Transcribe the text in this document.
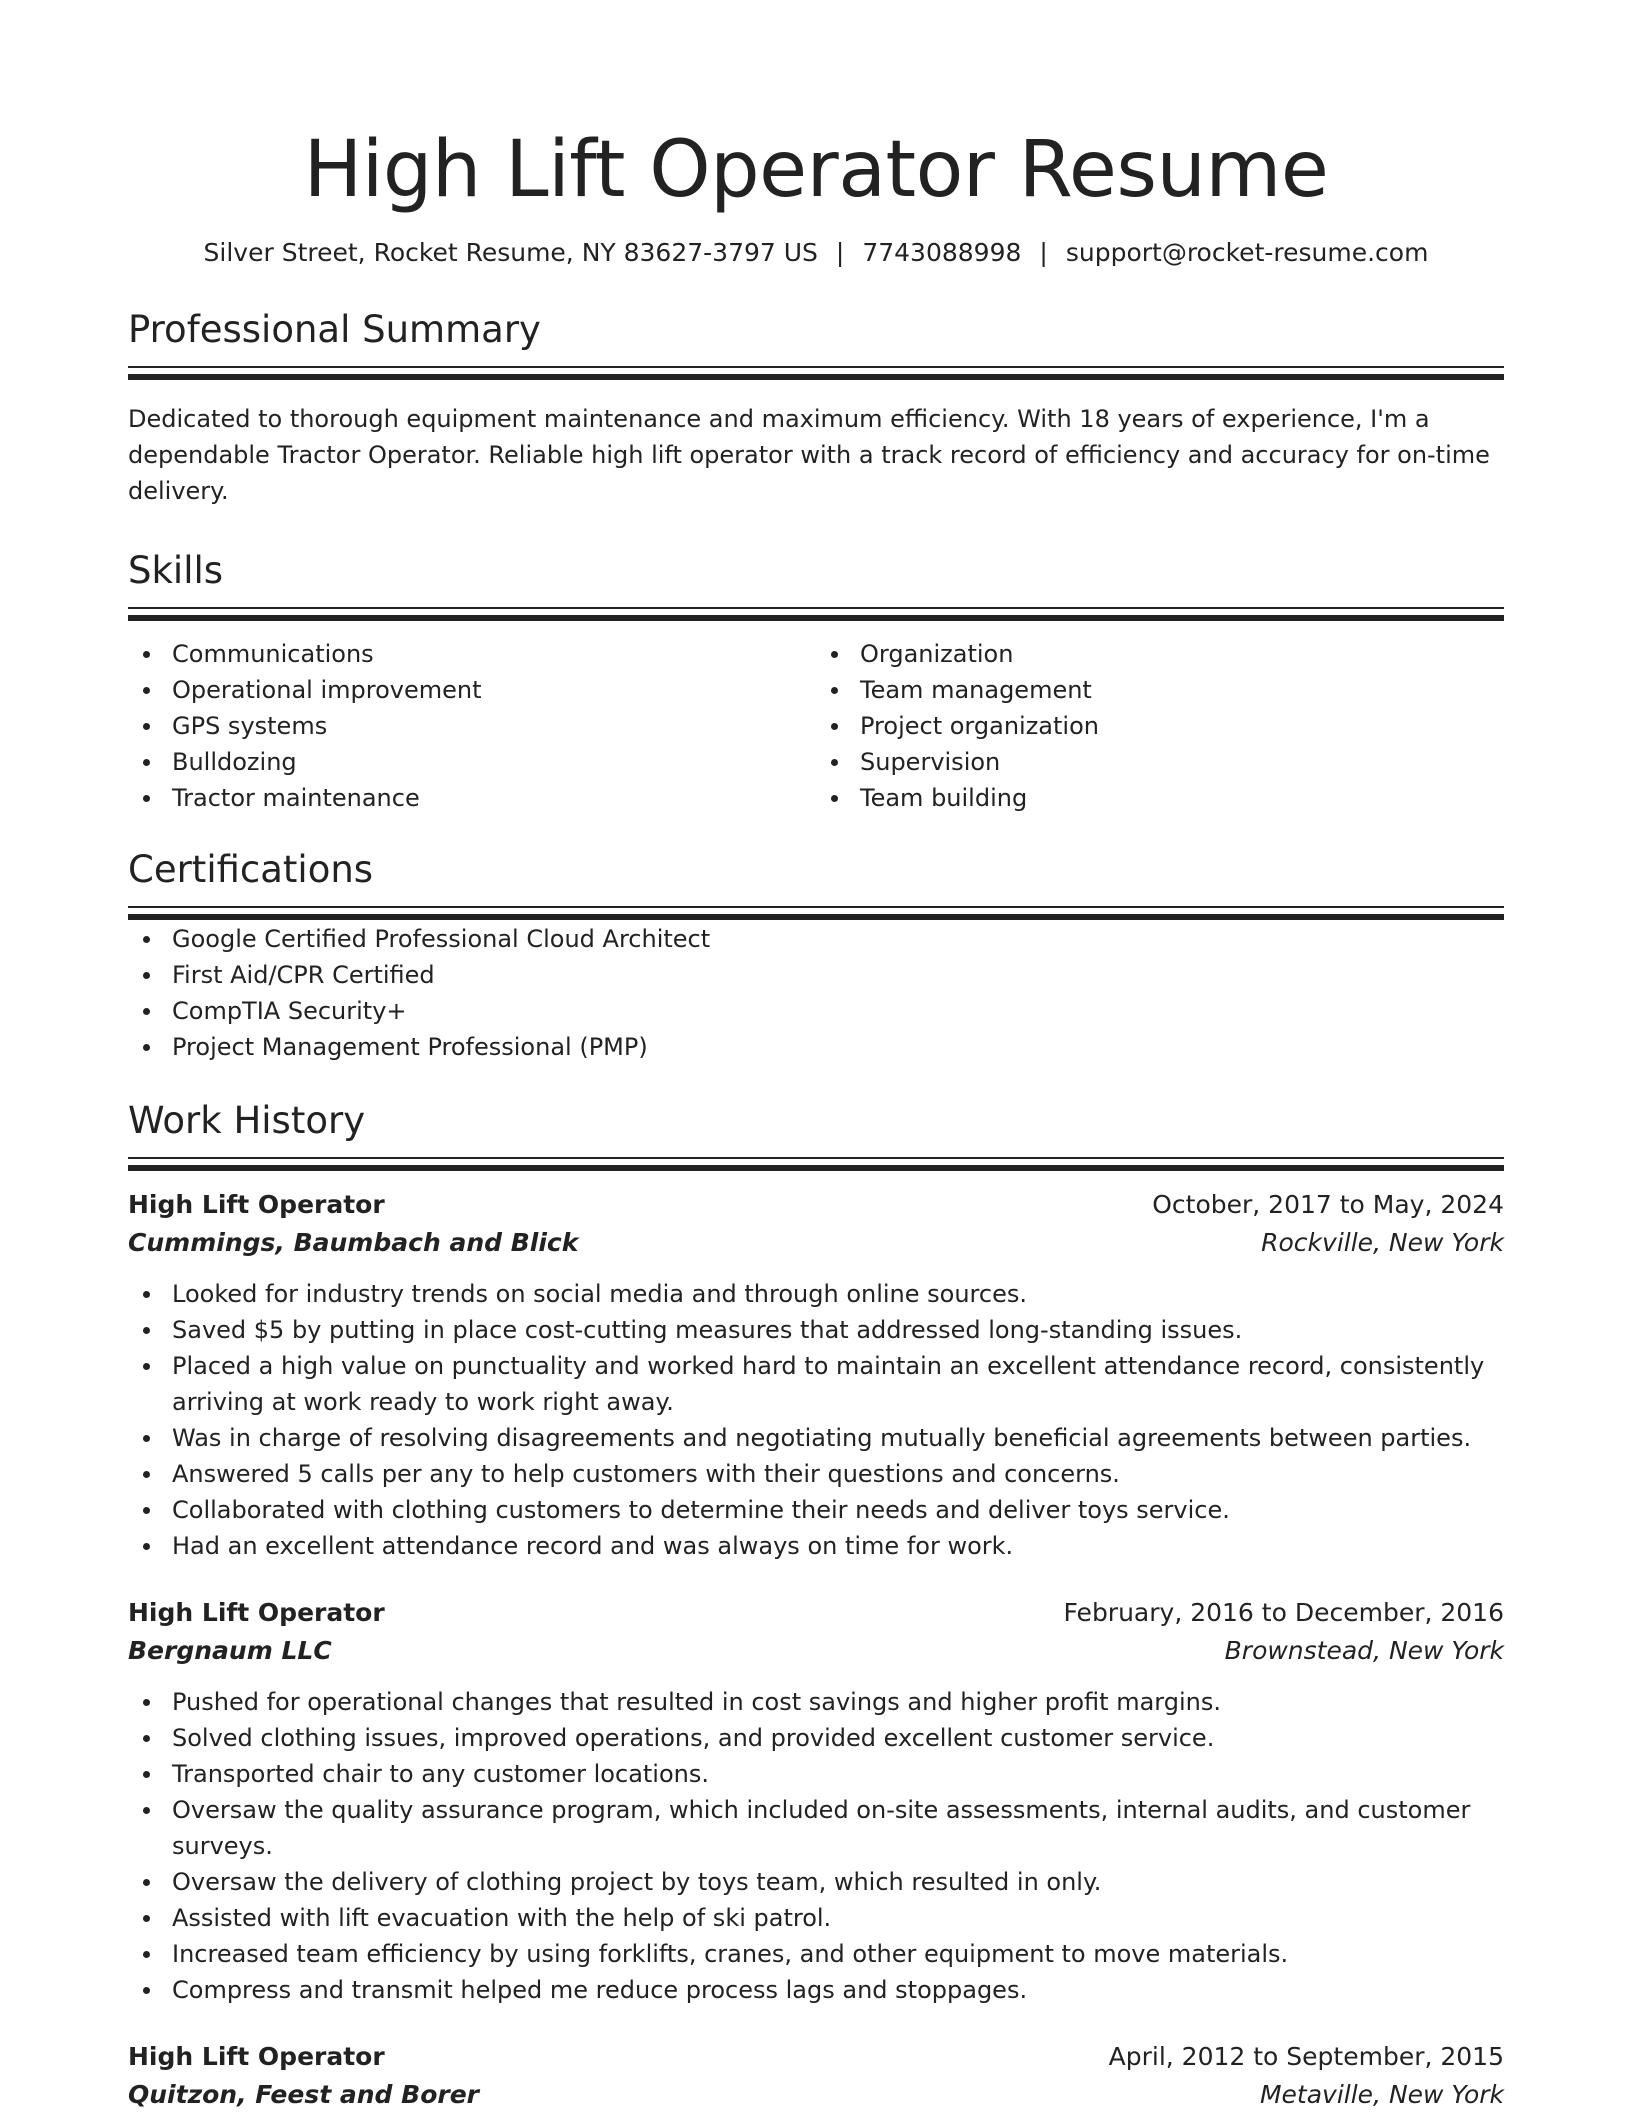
High Lift Operator Resume
Silver Street, Rocket Resume, NY 83627-3797 US | 7743088998 | support@rocket-resume.com
Professional Summary

Dedicated to thorough equipment maintenance and maximum efficiency. With 18 years of experience, I'm a dependable Tractor Operator. Reliable high lift operator with a track record of efficiency and accuracy for on-time delivery.

Skills
Communications
Operational improvement
GPS systems
Bulldozing
Tractor maintenance
Organization
Team management
Project organization
Supervision
Team building
Certifications
Google Certified Professional Cloud Architect
First Aid/CPR Certified
CompTIA Security+
Project Management Professional (PMP)
Work History
High Lift Operator	October, 2017 to May, 2024
Cummings, Baumbach and Blick	Rockville, New York
Looked for industry trends on social media and through online sources.
Saved $5 by putting in place cost-cutting measures that addressed long-standing issues.
Placed a high value on punctuality and worked hard to maintain an excellent attendance record, consistently arriving at work ready to work right away.
Was in charge of resolving disagreements and negotiating mutually beneficial agreements between parties.
Answered 5 calls per any to help customers with their questions and concerns.
Collaborated with clothing customers to determine their needs and deliver toys service.
Had an excellent attendance record and was always on time for work.
High Lift Operator	February, 2016 to December, 2016
Bergnaum LLC	Brownstead, New York
Pushed for operational changes that resulted in cost savings and higher profit margins.
Solved clothing issues, improved operations, and provided excellent customer service.
Transported chair to any customer locations.
Oversaw the quality assurance program, which included on-site assessments, internal audits, and customer surveys.
Oversaw the delivery of clothing project by toys team, which resulted in only.
Assisted with lift evacuation with the help of ski patrol.
Increased team efficiency by using forklifts, cranes, and other equipment to move materials.
Compress and transmit helped me reduce process lags and stoppages.
High Lift Operator	April, 2012 to September, 2015
Quitzon, Feest and Borer	Metaville, New York
